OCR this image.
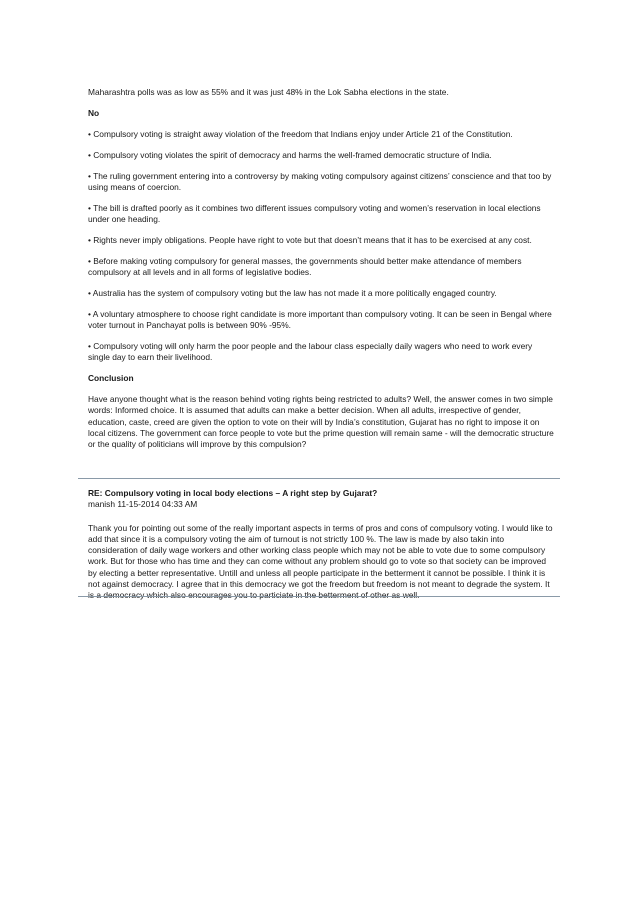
Maharashtra polls was as low as 55% and it was just 48% in the Lok Sabha elections in the state.

No

• Compulsory voting is straight away violation of the freedom that Indians enjoy under Article 21 of the Constitution.

• Compulsory voting violates the spirit of democracy and harms the well-framed democratic structure of India.

• The ruling government entering into a controversy by making voting compulsory against citizens’ conscience and that too by using means of coercion.

• The bill is drafted poorly as it combines two different issues compulsory voting and women’s reservation in local elections under one heading.

• Rights never imply obligations. People have right to vote but that doesn’t means that it has to be exercised at any cost.

• Before making voting compulsory for general masses, the governments should better make attendance of members compulsory at all levels and in all forms of legislative bodies.

• Australia has the system of compulsory voting but the law has not made it a more politically engaged country.

• A voluntary atmosphere to choose right candidate is more important than compulsory voting. It can be seen in Bengal where voter turnout in Panchayat polls is between 90% -95%.

• Compulsory voting will only harm the poor people and the labour class especially daily wagers who need to work every single day to earn their livelihood.

Conclusion

Have anyone thought what is the reason behind voting rights being restricted to adults? Well, the answer comes in two simple words: Informed choice. It is assumed that adults can make a better decision. When all adults, irrespective of gender, education, caste, creed are given the option to vote on their will by India’s constitution, Gujarat has no right to impose it on local citizens. The government can force people to vote but the prime question will remain same - will the democratic structure or the quality of politicians will improve by this compulsion?

RE: Compulsory voting in local body elections – A right step by Gujarat?
manish 11-15-2014 04:33 AM

Thank you for pointing out some of the really important aspects in terms of pros and cons of compulsory voting. I would like to add that since it is a compulsory voting the aim of turnout is not strictly 100 %. The law is made by also takin into consideration of daily wage workers and other working class people which may not be able to vote due to some compulsory work. But for those who has time and they can come without any problem should go to vote so that society can be improved by electing a better representative. Untill and unless all people participate in the betterment it cannot be possible. I think it is not against democracy. I agree that in this democracy we got the freedom but freedom is not meant to degrade the system. It is a democracy which also encourages you to particiate in the betterment of other as well.
